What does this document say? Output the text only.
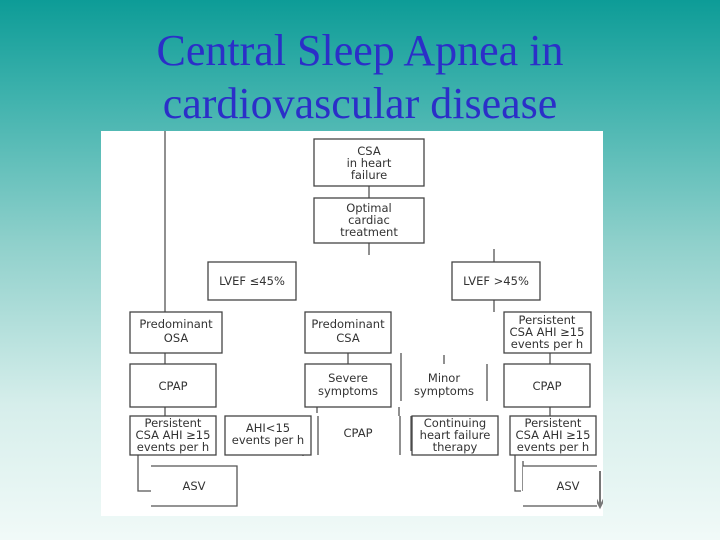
Central Sleep Apnea in
cardiovascular disease
CSA
in heart
failure
Optimal
cardiac
treatment
LVEF ≤45%	LVEF >45%
Predominant
OSA
Predominant
CSA
Persistent
CSA AHI ≥15
events per h
CPAP
Severe
symptoms
Minor
symptoms	CPAP
Persistent
CSA AHI ≥15
events per h
AHI<15
events per h	CPAP
Continuing
heart failure
therapy
Persistent
CSA AHI ≥15
events per h
ASV	ASV
